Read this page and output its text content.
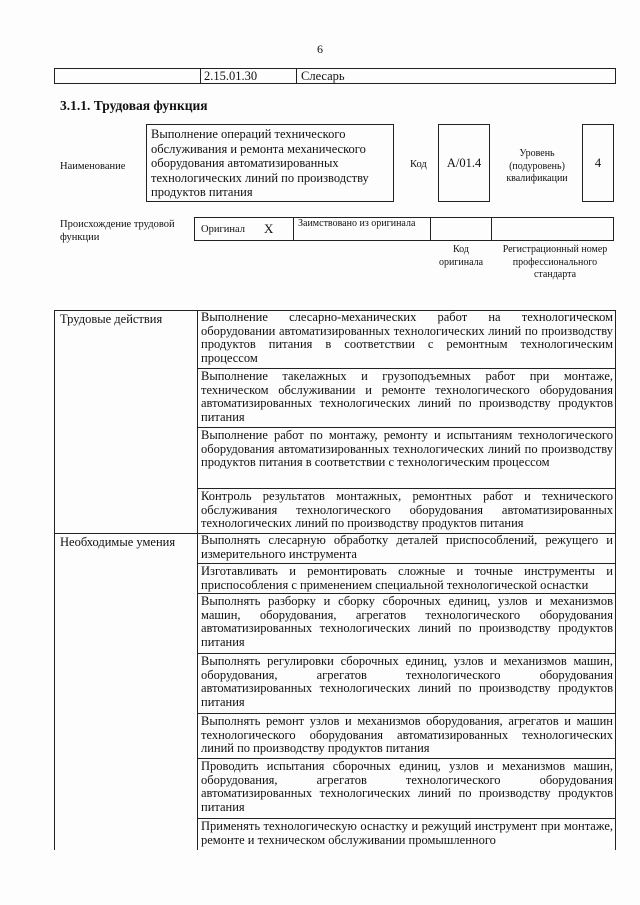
6
2.15.01.30	Слесарь
3.1.1. Трудовая функция
Наименование
Выполнение операций технического обслуживания и ремонта механического оборудования автоматизированных технологических линий по производству продуктов питания
Код	А/01.4
Уровень (подуровень) квалификации
4
Происхождение трудовой функции
Оригинал X Заимствовано из оригинала
Код оригинала
Регистрационный номер профессионального стандарта
Трудовые действия	Выполнение слесарно-механических работ на технологическом оборудовании автоматизированных технологических линий по производству продуктов питания в соответствии с ремонтным технологическим процессом
Выполнение такелажных и грузоподъемных работ при монтаже, техническом обслуживании и ремонте технологического оборудования автоматизированных технологических линий по производству продуктов питания
Выполнение работ по монтажу, ремонту и испытаниям технологического оборудования автоматизированных технологических линий по производству продуктов питания в соответствии с технологическим процессом
Контроль результатов монтажных, ремонтных работ и технического обслуживания технологического оборудования автоматизированных технологических линий по производству продуктов питания
Необходимые умения Выполнять слесарную обработку деталей приспособлений, режущего и измерительного инструмента
Изготавливать и ремонтировать сложные и точные инструменты и приспособления с применением специальной технологической оснастки
Выполнять разборку и сборку сборочных единиц, узлов и механизмов машин, оборудования, агрегатов технологического оборудования автоматизированных технологических линий по производству продуктов питания
Выполнять регулировки сборочных единиц, узлов и механизмов машин, оборудования, агрегатов технологического оборудования автоматизированных технологических линий по производству продуктов питания
Выполнять ремонт узлов и механизмов оборудования, агрегатов и машин технологического оборудования автоматизированных технологических линий по производству продуктов питания
Проводить испытания сборочных единиц, узлов и механизмов машин, оборудования, агрегатов технологического оборудования автоматизированных технологических линий по производству продуктов питания
Применять технологическую оснастку и режущий инструмент при монтаже, ремонте и техническом обслуживании промышленного
